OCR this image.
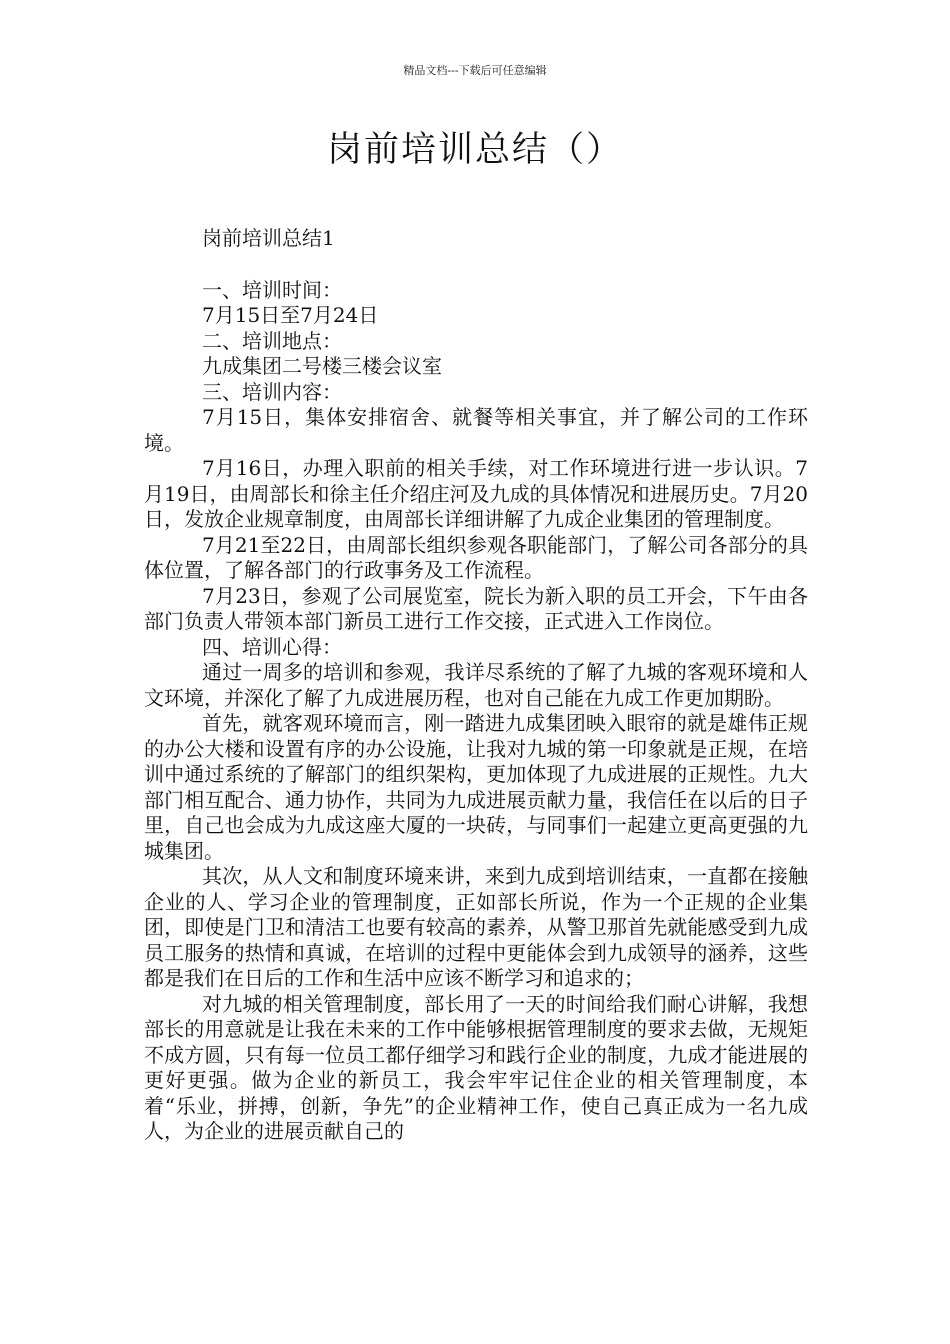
精品文档---下载后可任意编辑
岗前培训总结（）

岗前培训总结1

一、培训时间：

7月15日至7月24日

二、培训地点：

九成集团二号楼三楼会议室

三、培训内容：

7月15日，集体安排宿舍、就餐等相关事宜，并了解公司的工作环境。

7月16日，办理入职前的相关手续，对工作环境进行进一步认识。7月19日，由周部长和徐主任介绍庄河及九成的具体情况和进展历史。7月20日，发放企业规章制度，由周部长详细讲解了九成企业集团的管理制度。

7月21至22日，由周部长组织参观各职能部门，了解公司各部分的具体位置，了解各部门的行政事务及工作流程。

7月23日，参观了公司展览室，院长为新入职的员工开会，下午由各部门负责人带领本部门新员工进行工作交接，正式进入工作岗位。

四、培训心得：

通过一周多的培训和参观，我详尽系统的了解了九城的客观环境和人文环境，并深化了解了九成进展历程，也对自己能在九成工作更加期盼。

首先，就客观环境而言，刚一踏进九成集团映入眼帘的就是雄伟正规的办公大楼和设置有序的办公设施，让我对九城的第一印象就是正规，在培训中通过系统的了解部门的组织架构，更加体现了九成进展的正规性。九大部门相互配合、通力协作，共同为九成进展贡献力量，我信任在以后的日子里，自己也会成为九成这座大厦的一块砖，与同事们一起建立更高更强的九城集团。

其次，从人文和制度环境来讲，来到九成到培训结束，一直都在接触企业的人、学习企业的管理制度，正如部长所说，作为一个正规的企业集团，即使是门卫和清洁工也要有较高的素养，从警卫那首先就能感受到九成员工服务的热情和真诚，在培训的过程中更能体会到九成领导的涵养，这些都是我们在日后的工作和生活中应该不断学习和追求的；

对九城的相关管理制度，部长用了一天的时间给我们耐心讲解，我想部长的用意就是让我在未来的工作中能够根据管理制度的要求去做，无规矩不成方圆，只有每一位员工都仔细学习和践行企业的制度，九成才能进展的更好更强。做为企业的新员工，我会牢牢记住企业的相关管理制度，本着“乐业，拼搏，创新，争先”的企业精神工作，使自己真正成为一名九成人，为企业的进展贡献自己的
